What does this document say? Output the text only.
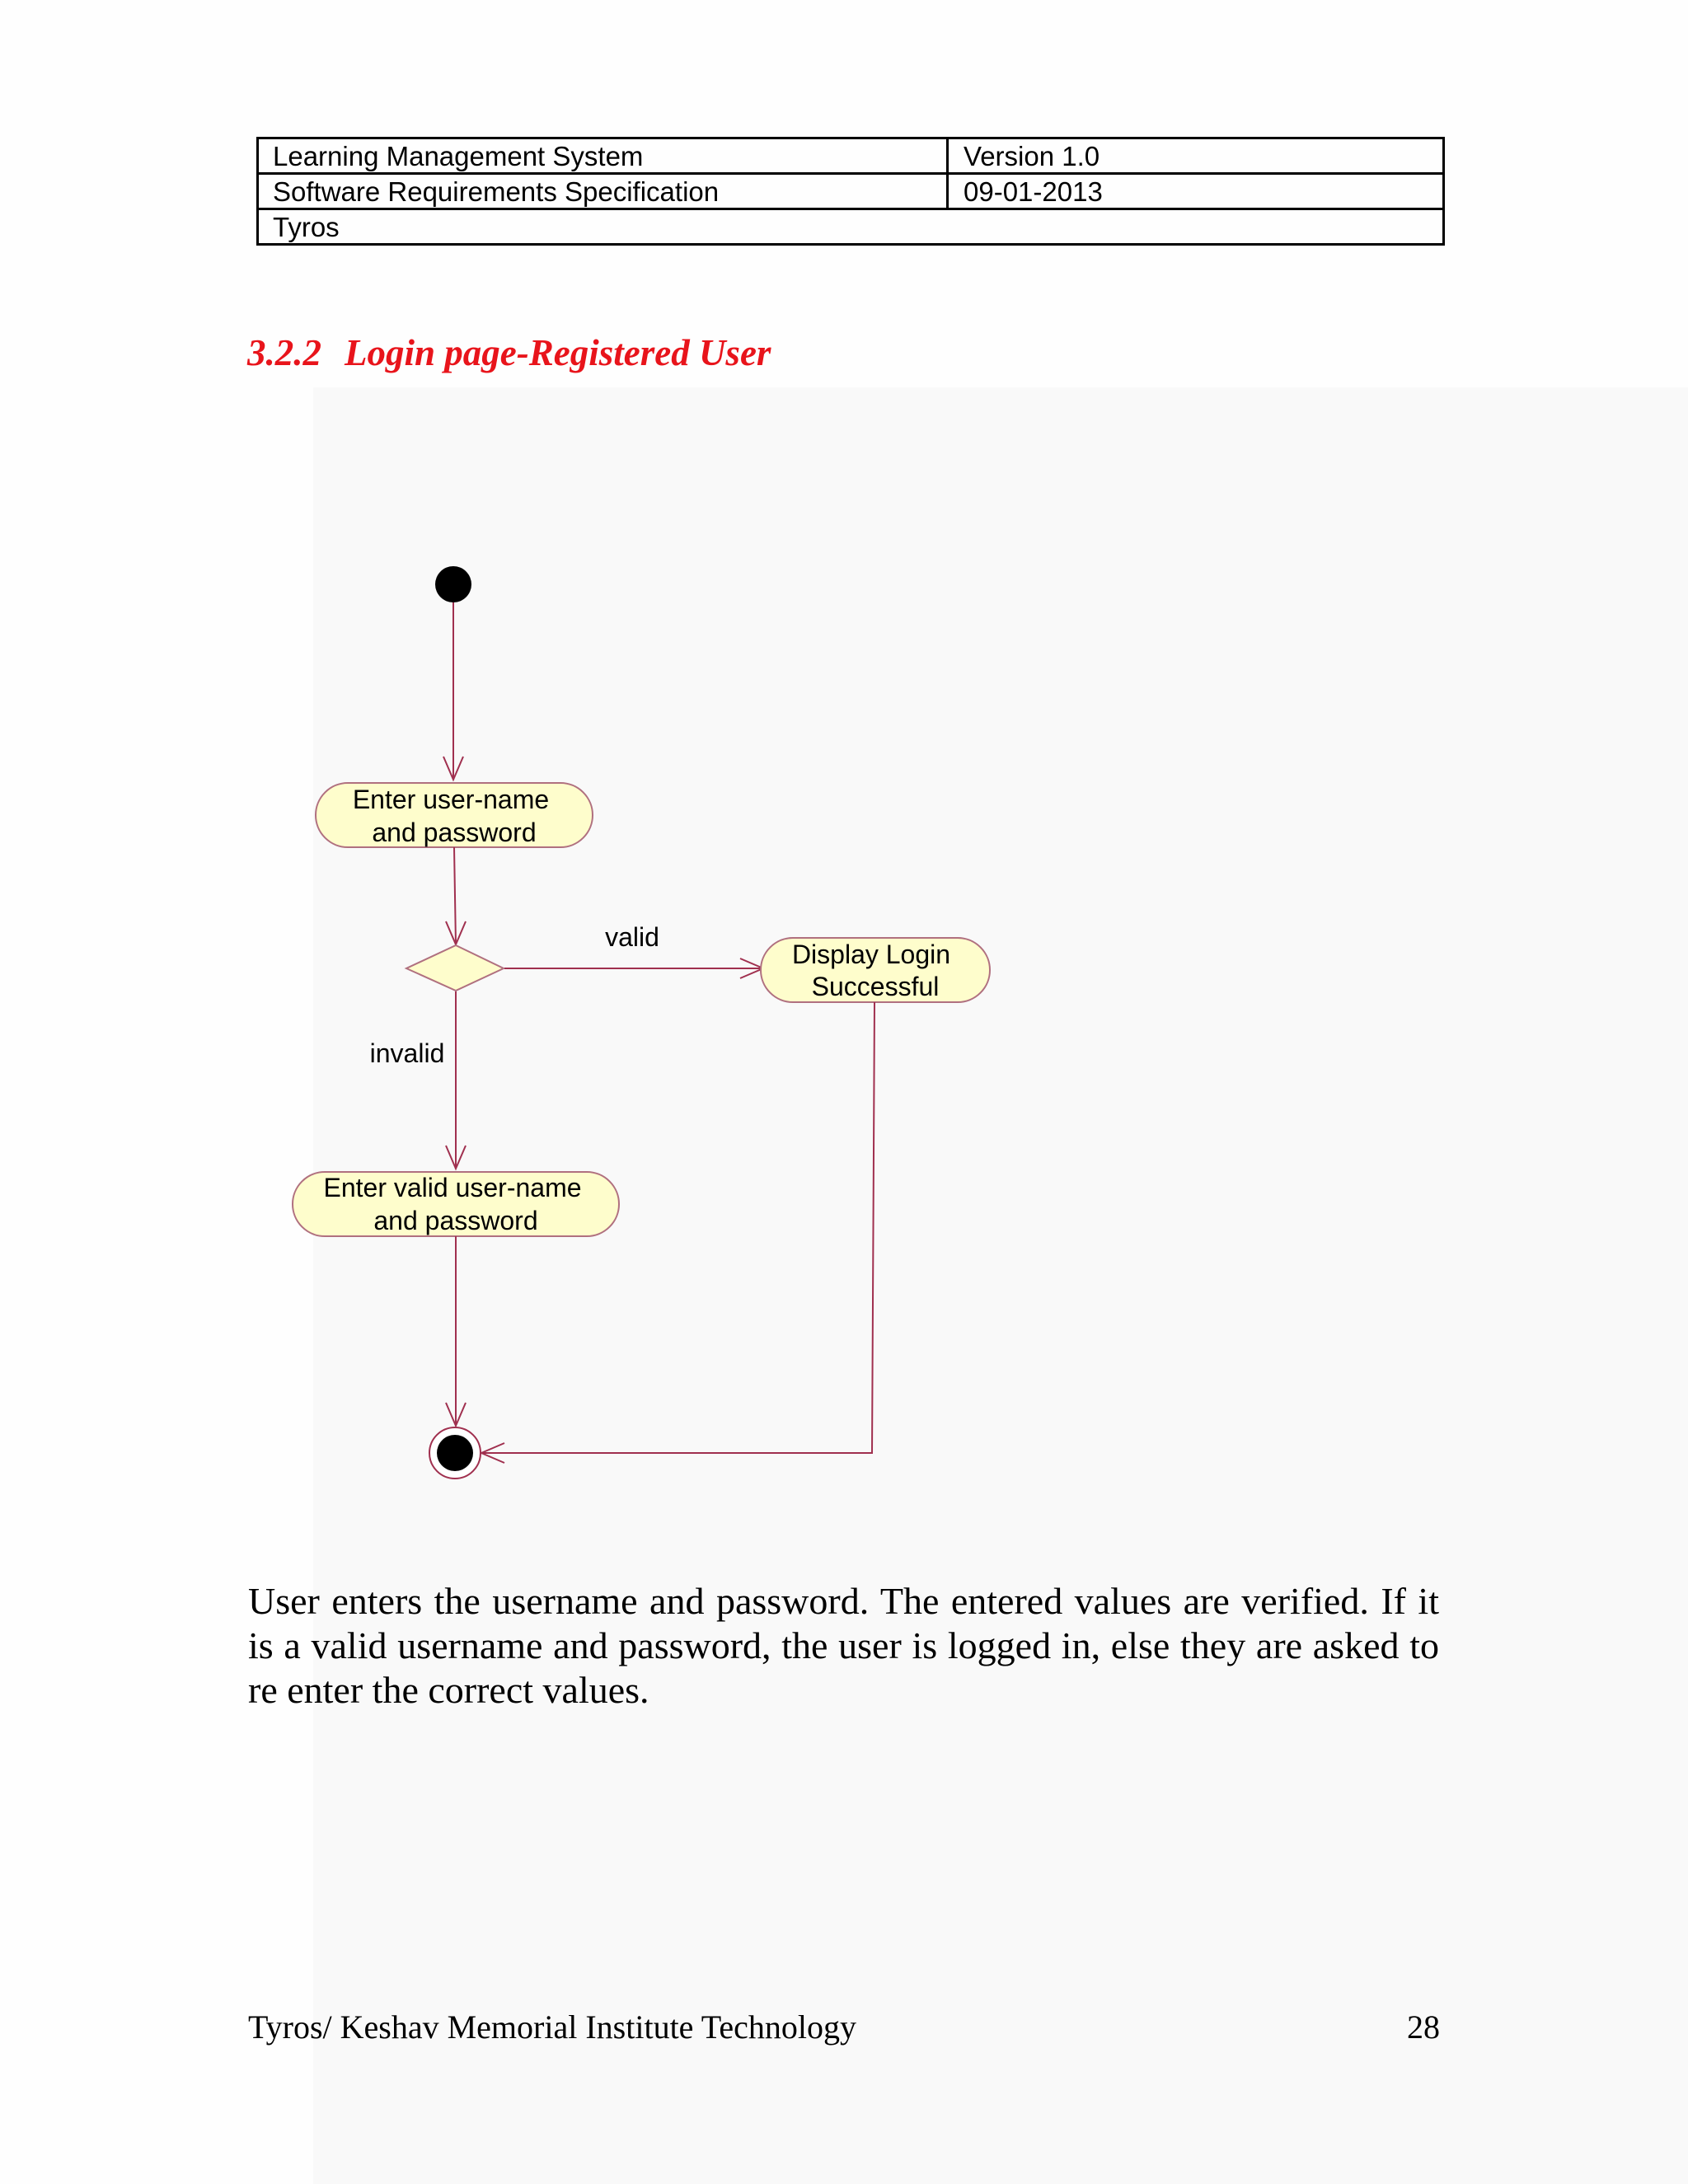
Learning Management System	Version 1.0
Software Requirements Specification	09-01-2013
Tyros	
3.2.2 Login page-Registered User
Enter user-name
and password
valid
Display Login
Successful
invalid
Enter valid user-name
and password
User enters the username and password. The entered values are verified. If it is a valid username and password, the user is logged in, else they are asked to re enter the correct values.
Tyros/ Keshav Memorial Institute Technology	28
